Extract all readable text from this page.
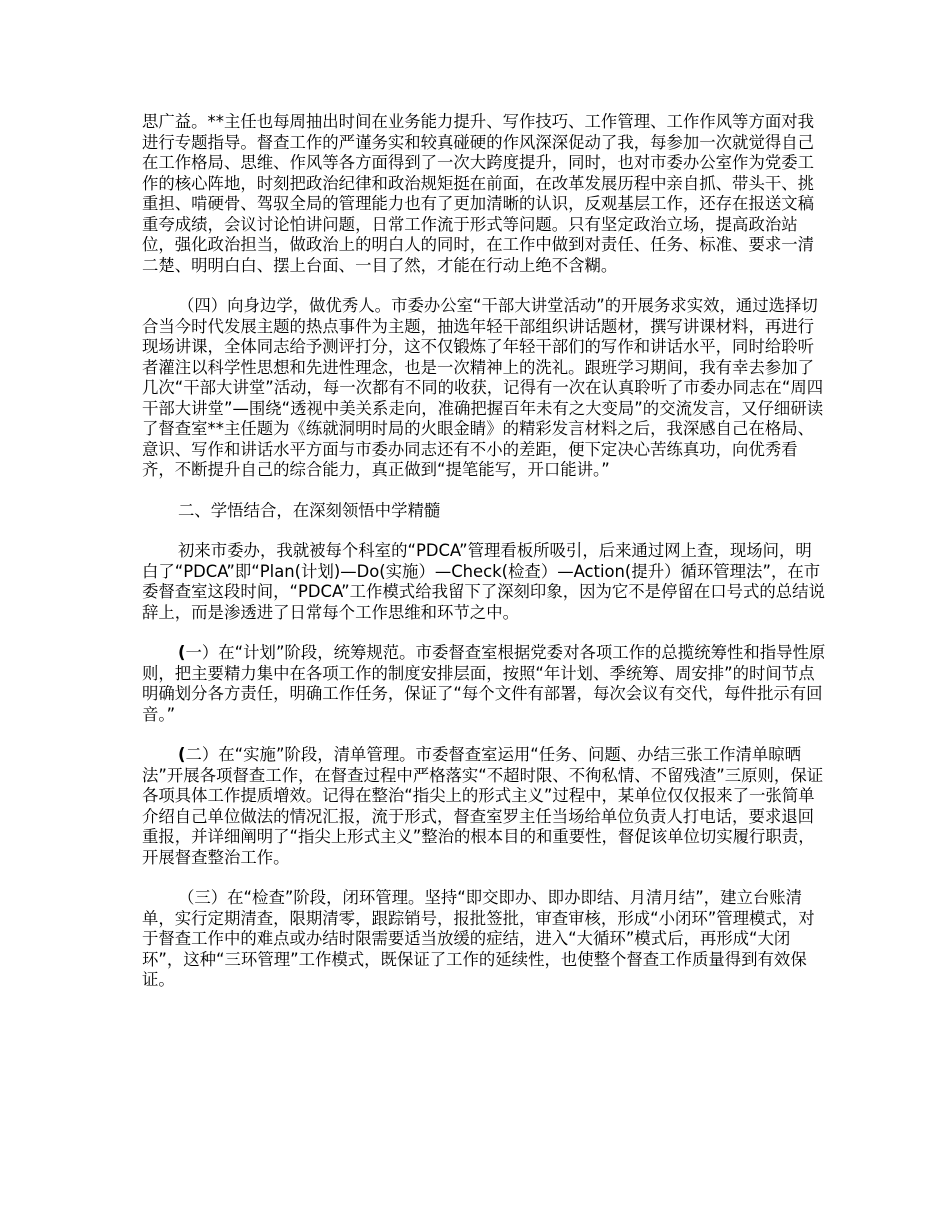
思广益。**主任也每周抽出时间在业务能力提升、写作技巧、工作管理、工作作风等方面对我进行专题指导。督查工作的严谨务实和较真碰硬的作风深深促动了我，每参加一次就觉得自己在工作格局、思维、作风等各方面得到了一次大跨度提升，同时，也对市委办公室作为党委工作的核心阵地，时刻把政治纪律和政治规矩挺在前面，在改革发展历程中亲自抓、带头干、挑重担、啃硬骨、驾驭全局的管理能力也有了更加清晰的认识，反观基层工作，还存在报送文稿重夸成绩，会议讨论怕讲问题，日常工作流于形式等问题。只有坚定政治立场，提高政治站位，强化政治担当，做政治上的明白人的同时，在工作中做到对责任、任务、标准、要求一清二楚、明明白白、摆上台面、一目了然，才能在行动上绝不含糊。

（四）向身边学，做优秀人。市委办公室“干部大讲堂活动”的开展务求实效，通过选择切合当今时代发展主题的热点事件为主题，抽选年轻干部组织讲话题材，撰写讲课材料，再进行现场讲课，全体同志给予测评打分，这不仅锻炼了年轻干部们的写作和讲话水平，同时给聆听者灌注以科学性思想和先进性理念，也是一次精神上的洗礼。跟班学习期间，我有幸去参加了几次“干部大讲堂”活动，每一次都有不同的收获，记得有一次在认真聆听了市委办同志在“周四干部大讲堂”—围绕“透视中美关系走向，准确把握百年未有之大变局”的交流发言，又仔细研读了督查室**主任题为《练就洞明时局的火眼金睛》的精彩发言材料之后，我深感自己在格局、意识、写作和讲话水平方面与市委办同志还有不小的差距，便下定决心苦练真功，向优秀看齐，不断提升自己的综合能力，真正做到“提笔能写，开口能讲。”

二、学悟结合，在深刻领悟中学精髓

初来市委办，我就被每个科室的“PDCA”管理看板所吸引，后来通过网上查，现场问，明白了“PDCA”即“Plan(计划)—Do(实施）—Check(检查）—Action(提升）循环管理法”，在市委督查室这段时间，“PDCA”工作模式给我留下了深刻印象，因为它不是停留在口号式的总结说辞上，而是渗透进了日常每个工作思维和环节之中。

(一）在“计划”阶段，统筹规范。市委督查室根据党委对各项工作的总揽统筹性和指导性原则，把主要精力集中在各项工作的制度安排层面，按照“年计划、季统筹、周安排”的时间节点明确划分各方责任，明确工作任务，保证了“每个文件有部署，每次会议有交代，每件批示有回音。”

(二）在“实施”阶段，清单管理。市委督查室运用“任务、问题、办结三张工作清单晾晒法”开展各项督查工作，在督查过程中严格落实“不超时限、不徇私情、不留残渣”三原则，保证各项具体工作提质增效。记得在整治“指尖上的形式主义”过程中，某单位仅仅报来了一张简单介绍自己单位做法的情况汇报，流于形式，督查室罗主任当场给单位负责人打电话，要求退回重报，并详细阐明了“指尖上形式主义”整治的根本目的和重要性，督促该单位切实履行职责，开展督查整治工作。

（三）在“检查”阶段，闭环管理。坚持“即交即办、即办即结、月清月结”，建立台账清单，实行定期清查，限期清零，跟踪销号，报批签批，审查审核，形成“小闭环”管理模式，对于督查工作中的难点或办结时限需要适当放缓的症结，进入“大循环”模式后，再形成“大闭环”，这种“三环管理”工作模式，既保证了工作的延续性，也使整个督查工作质量得到有效保证。
